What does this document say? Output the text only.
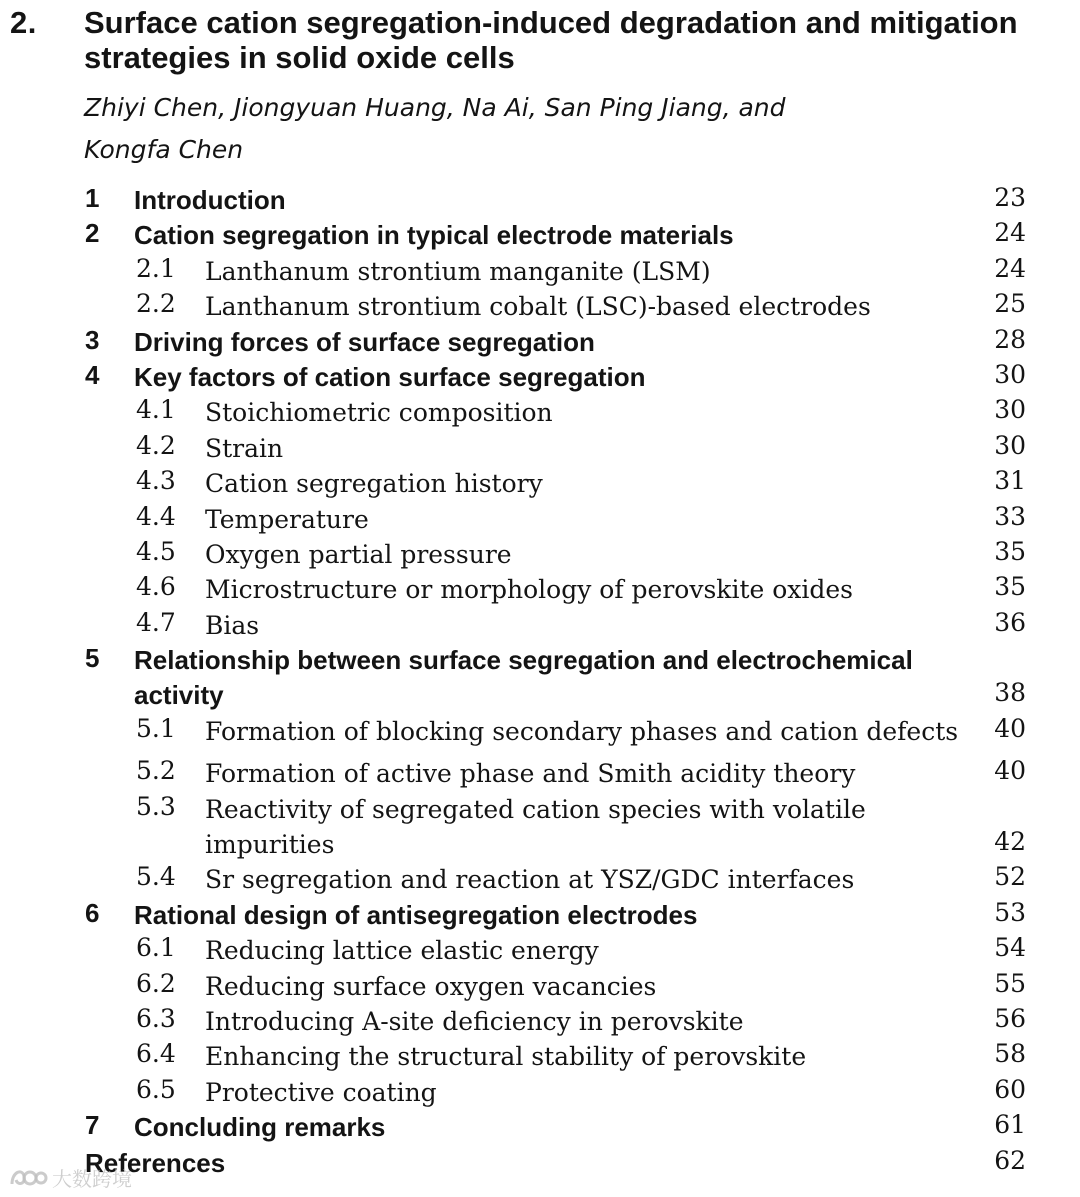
2. Surface cation segregation-induced degradation and mitigation strategies in solid oxide cells
Zhiyi Chen, Jiongyuan Huang, Na Ai, San Ping Jiang, and Kongfa Chen
1 Introduction	23
2 Cation segregation in typical electrode materials	24
2.1 Lanthanum strontium manganite (LSM)	24
2.2 Lanthanum strontium cobalt (LSC)-based electrodes	25
3 Driving forces of surface segregation	28
4 Key factors of cation surface segregation	30
4.1 Stoichiometric composition	30
4.2 Strain	30
4.3 Cation segregation history	31
4.4 Temperature	33
4.5 Oxygen partial pressure	35
4.6 Microstructure or morphology of perovskite oxides	35
4.7 Bias	36
5 Relationship between surface segregation and electrochemical activity	38
5.1 Formation of blocking secondary phases and cation defects 40
5.2 Formation of active phase and Smith acidity theory	40
5.3 Reactivity of segregated cation species with volatile impurities	42
5.4 Sr segregation and reaction at YSZ/GDC interfaces	52
6 Rational design of antisegregation electrodes	53
6.1 Reducing lattice elastic energy	54
6.2 Reducing surface oxygen vacancies	55
6.3 Introducing A-site deficiency in perovskite	56
6.4 Enhancing the structural stability of perovskite	58
6.5 Protective coating	60
7 Concluding remarks	61
References	62
大数跨境
